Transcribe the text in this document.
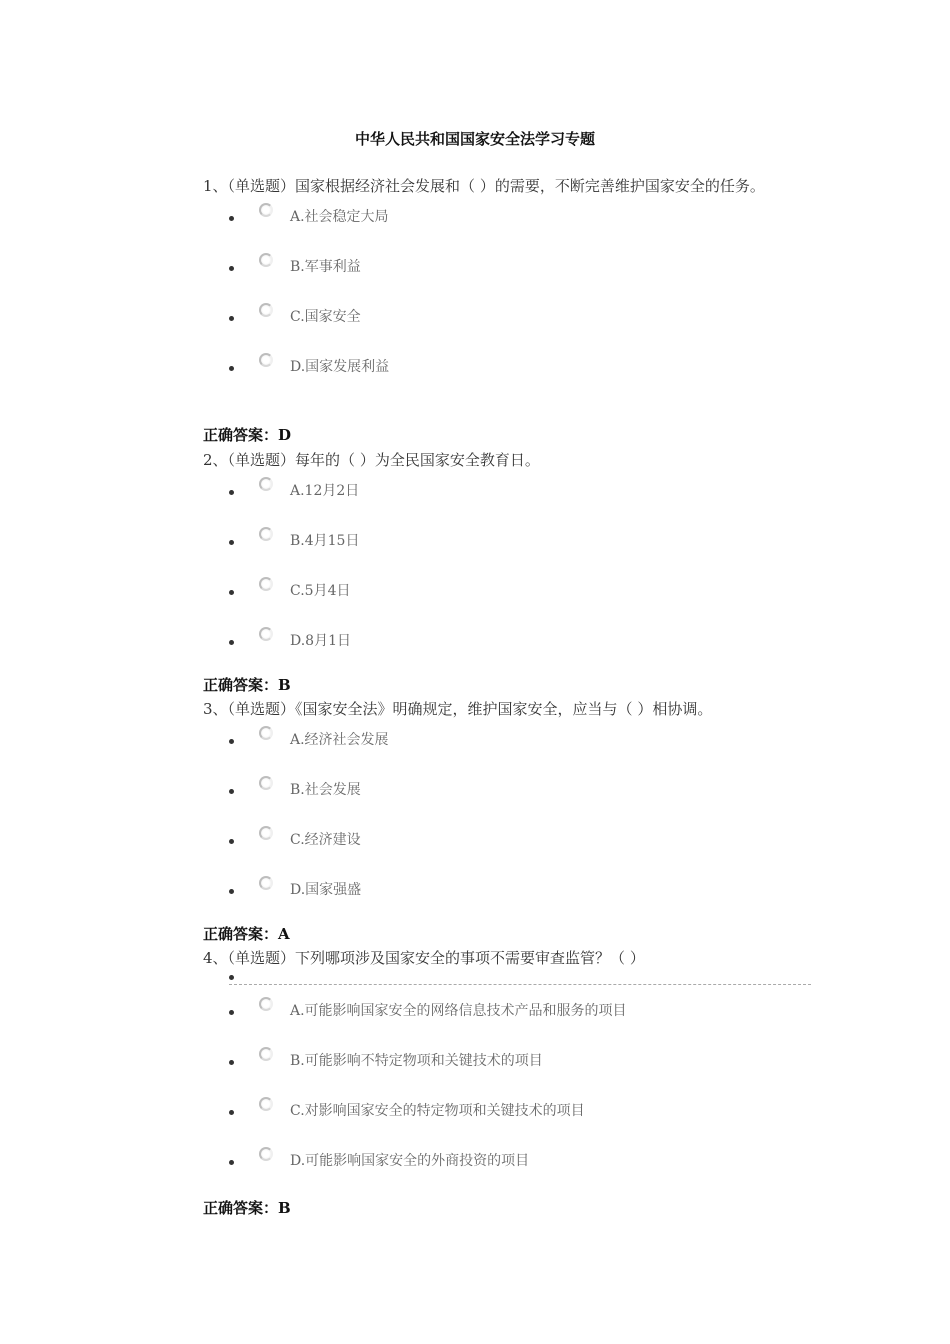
中华人民共和国国家安全法学习专题
1、（单选题）国家根据经济社会发展和（ ）的需要，不断完善维护国家安全的任务。
A.社会稳定大局
B.军事利益
C.国家安全
D.国家发展利益
正确答案：D
2、（单选题）每年的（ ）为全民国家安全教育日。
A.12月2日
B.4月15日
C.5月4日
D.8月1日
正确答案：B
3、（单选题）《国家安全法》明确规定，维护国家安全，应当与（ ）相协调。
A.经济社会发展
B.社会发展
C.经济建设
D.国家强盛
正确答案：A
4、（单选题）下列哪项涉及国家安全的事项不需要审查监管？（ ）
A.可能影响国家安全的网络信息技术产品和服务的项目
B.可能影响不特定物项和关键技术的项目
C.对影响国家安全的特定物项和关键技术的项目
D.可能影响国家安全的外商投资的项目
正确答案：B
